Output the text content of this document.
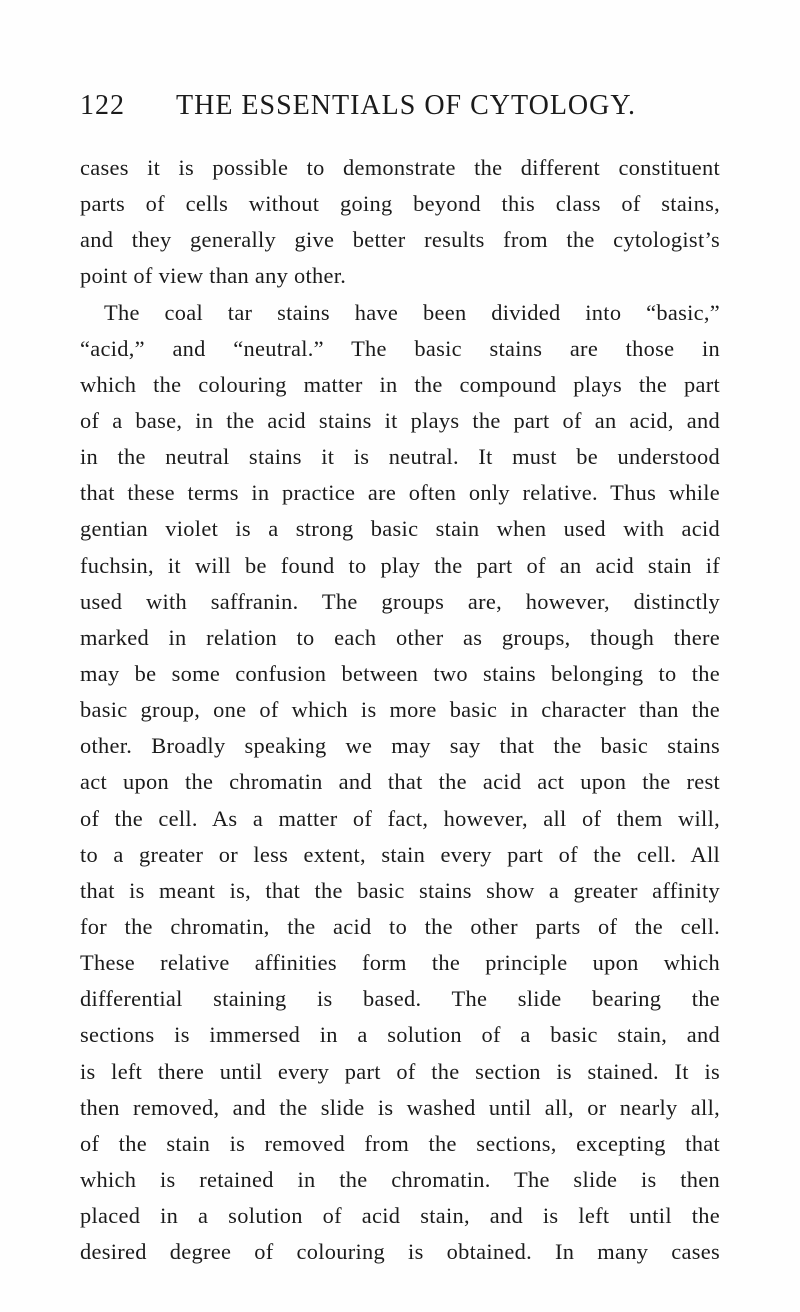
122 THE ESSENTIALS OF CYTOLOGY.
cases it is possible to demonstrate the different constituent
parts of cells without going beyond this class of stains,
and they generally give better results from the cytologist’s
point of view than any other.
The coal tar stains have been divided into “basic,”
“acid,” and “neutral.” The basic stains are those in
which the colouring matter in the compound plays the part
of a base, in the acid stains it plays the part of an acid, and
in the neutral stains it is neutral. It must be understood
that these terms in practice are often only relative. Thus while
gentian violet is a strong basic stain when used with acid
fuchsin, it will be found to play the part of an acid stain if
used with saffranin. The groups are, however, distinctly
marked in relation to each other as groups, though there
may be some confusion between two stains belonging to the
basic group, one of which is more basic in character than the
other. Broadly speaking we may say that the basic stains
act upon the chromatin and that the acid act upon the rest
of the cell. As a matter of fact, however, all of them will,
to a greater or less extent, stain every part of the cell. All
that is meant is, that the basic stains show a greater affinity
for the chromatin, the acid to the other parts of the cell.
These relative affinities form the principle upon which
differential staining is based. The slide bearing the
sections is immersed in a solution of a basic stain, and
is left there until every part of the section is stained. It is
then removed, and the slide is washed until all, or nearly all,
of the stain is removed from the sections, excepting that
which is retained in the chromatin. The slide is then
placed in a solution of acid stain, and is left until the
desired degree of colouring is obtained. In many cases
